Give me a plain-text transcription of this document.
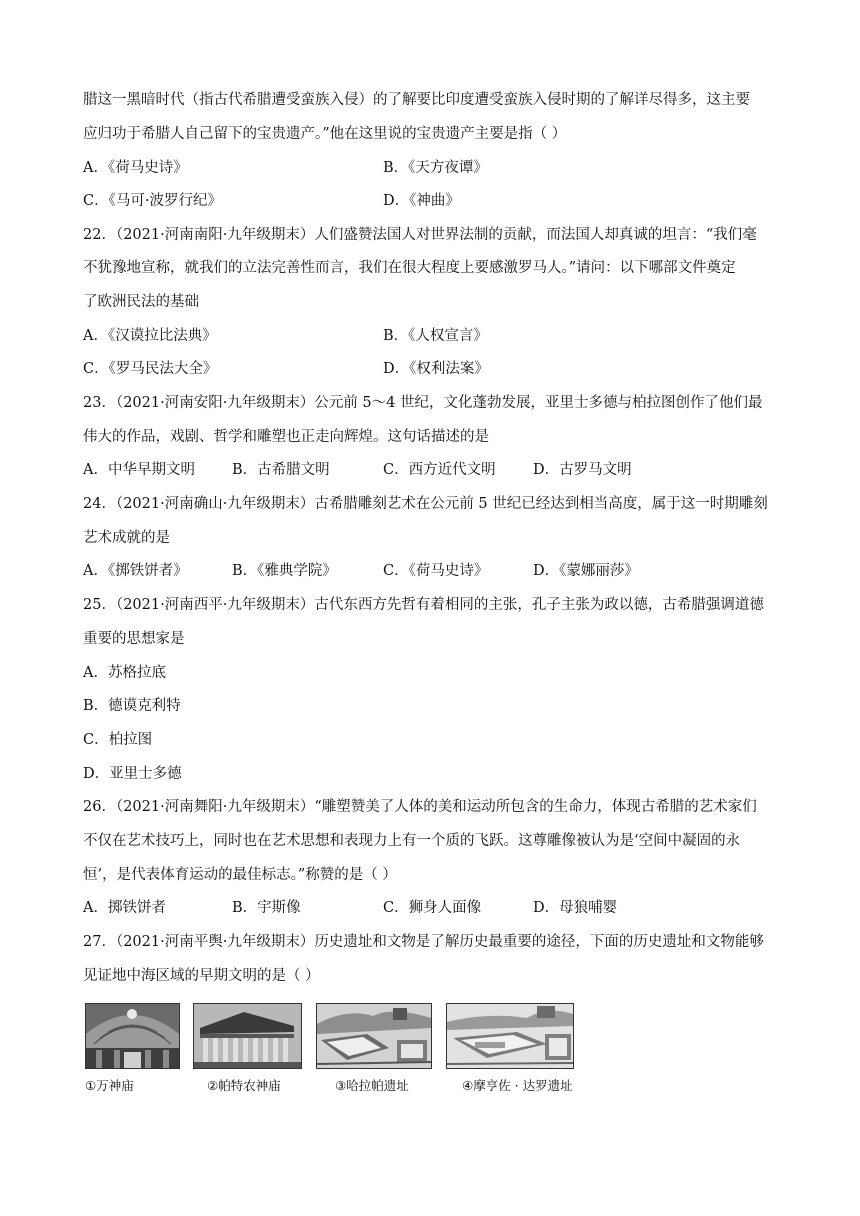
腊这一黑暗时代（指古代希腊遭受蛮族入侵）的了解要比印度遭受蛮族入侵时期的了解详尽得多，这主要
应归功于希腊人自己留下的宝贵遗产。”他在这里说的宝贵遗产主要是指（ ）
A．《荷马史诗》	B．《天方夜谭》
C．《马可·波罗行纪》	D．《神曲》
22．（2021·河南南阳·九年级期末）人们盛赞法国人对世界法制的贡献，而法国人却真诚的坦言：“我们毫
不犹豫地宣称，就我们的立法完善性而言，我们在很大程度上要感激罗马人。”请问：以下哪部文件奠定
了欧洲民法的基础
A．《汉谟拉比法典》	B．《人权宣言》
C．《罗马民法大全》	D．《权利法案》
23．（2021·河南安阳·九年级期末）公元前 5～4 世纪，文化蓬勃发展，亚里士多德与柏拉图创作了他们最
伟大的作品，戏剧、哲学和雕塑也正走向辉煌。这句话描述的是
A．中华早期文明	B．古希腊文明	C．西方近代文明	D．古罗马文明
24．（2021·河南确山·九年级期末）古希腊雕刻艺术在公元前 5 世纪已经达到相当高度，属于这一时期雕刻
艺术成就的是
A．《掷铁饼者》	B．《雅典学院》	C．《荷马史诗》	D．《蒙娜丽莎》
25．（2021·河南西平·九年级期末）古代东西方先哲有着相同的主张，孔子主张为政以德，古希腊强调道德
重要的思想家是
A．苏格拉底
B．德谟克利特
C．柏拉图
D．亚里士多德
26．（2021·河南舞阳·九年级期末）“雕塑赞美了人体的美和运动所包含的生命力，体现古希腊的艺术家们
不仅在艺术技巧上，同时也在艺术思想和表现力上有一个质的飞跃。这尊雕像被认为是‘空间中凝固的永
恒’，是代表体育运动的最佳标志。”称赞的是（ ）
A．掷铁饼者	B．宇斯像	C．狮身人面像	D．母狼哺婴
27．（2021·河南平舆·九年级期末）历史遗址和文物是了解历史最重要的途径，下面的历史遗址和文物能够
见证地中海区域的早期文明的是（ ）
①万神庙	②帕特农神庙	③哈拉帕遗址	④摩亨佐 · 达罗遗址
